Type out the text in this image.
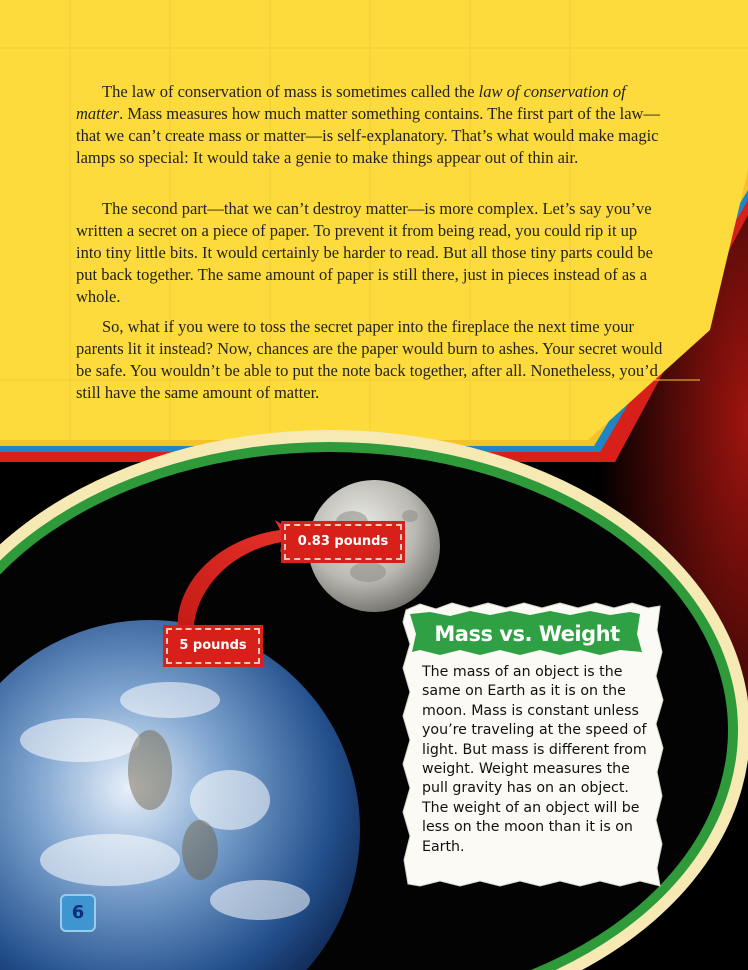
The law of conservation of mass is sometimes called the law of conservation of matter. Mass measures how much matter something contains. The first part of the law—that we can’t create mass or matter—is self-explanatory. That’s what would make magic lamps so special: It would take a genie to make things appear out of thin air.

The second part—that we can’t destroy matter—is more complex. Let’s say you’ve written a secret on a piece of paper. To prevent it from being read, you could rip it up into tiny little bits. It would certainly be harder to read. But all those tiny parts could be put back together. The same amount of paper is still there, just in pieces instead of as a whole.

So, what if you were to toss the secret paper into the fireplace the next time your parents lit it instead? Now, chances are the paper would burn to ashes. Your secret would be safe. You wouldn’t be able to put the note back together, after all. Nonetheless, you’d still have the same amount of matter.

0.83 pounds
5 pounds	Mass vs. Weight

The mass of an object is the same on Earth as it is on the moon. Mass is constant unless you’re traveling at the speed of light. But mass is different from weight. Weight measures the pull gravity has on an object. The weight of an object will be less on the moon than it is on Earth.

6
